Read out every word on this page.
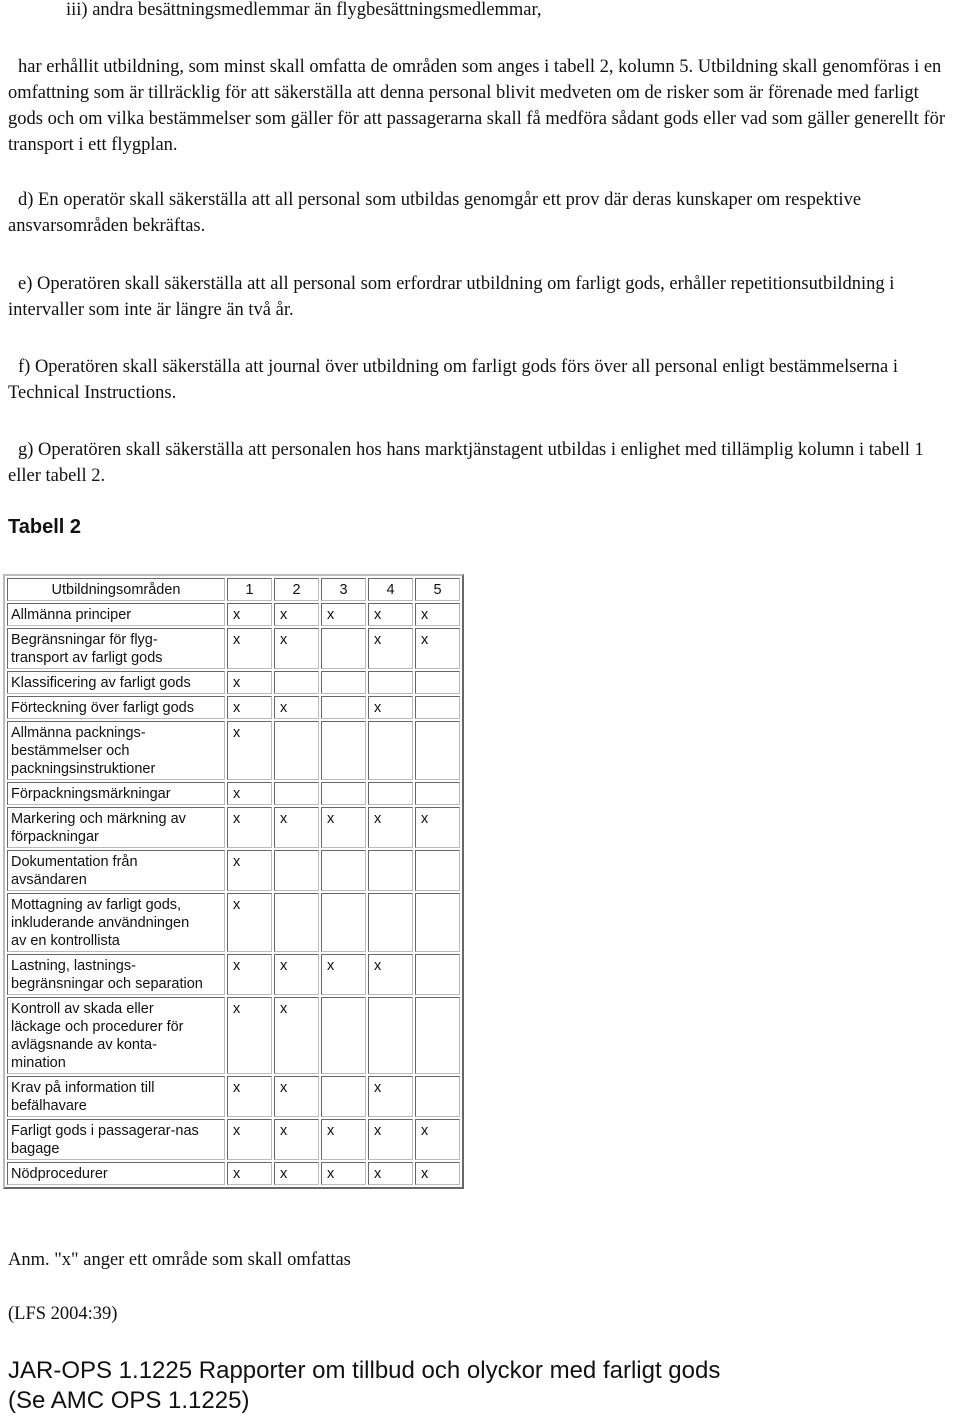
iii) andra besättningsmedlemmar än flygbesättningsmedlemmar,

har erhållit utbildning, som minst skall omfatta de områden som anges i tabell 2, kolumn 5. Utbildning skall genomföras i en omfattning som är tillräcklig för att säkerställa att denna personal blivit medveten om de risker som är förenade med farligt gods och om vilka bestämmelser som gäller för att passagerarna skall få medföra sådant gods eller vad som gäller generellt för transport i ett flygplan.

d) En operatör skall säkerställa att all personal som utbildas genomgår ett prov där deras kunskaper om respektive ansvarsområden bekräftas.

e) Operatören skall säkerställa att all personal som erfordrar utbildning om farligt gods, erhåller repetitionsutbildning i intervaller som inte är längre än två år.

f) Operatören skall säkerställa att journal över utbildning om farligt gods förs över all personal enligt bestämmelserna i Technical Instructions.

g) Operatören skall säkerställa att personalen hos hans marktjänstagent utbildas i enlighet med tillämplig kolumn i tabell 1 eller tabell 2.

Tabell 2
Utbildningsområden	1	2	3	4	5
Allmänna principer	x	x	x	x	x
Begränsningar för flyg-
transport av farligt gods	x	x		x	x
Klassificering av farligt gods	x				
Förteckning över farligt gods	x	x		x	
Allmänna packnings-
bestämmelser och
packningsinstruktioner	x				
Förpackningsmärkningar	x				
Markering och märkning av
förpackningar	x	x	x	x	x
Dokumentation från
avsändaren	x				
Mottagning av farligt gods,
inkluderande användningen
av en kontrollista	x				
Lastning, lastnings-
begränsningar och separation	x	x	x	x	
Kontroll av skada eller
läckage och procedurer för
avlägsnande av konta-
mination	x	x			
Krav på information till
befälhavare	x	x		x	
Farligt gods i passagerar-nas
bagage	x	x	x	x	x
Nödprocedurer	x	x	x	x	x

Anm. "x" anger ett område som skall omfattas

(LFS 2004:39)

JAR-OPS 1.1225 Rapporter om tillbud och olyckor med farligt gods
(Se AMC OPS 1.1225)
